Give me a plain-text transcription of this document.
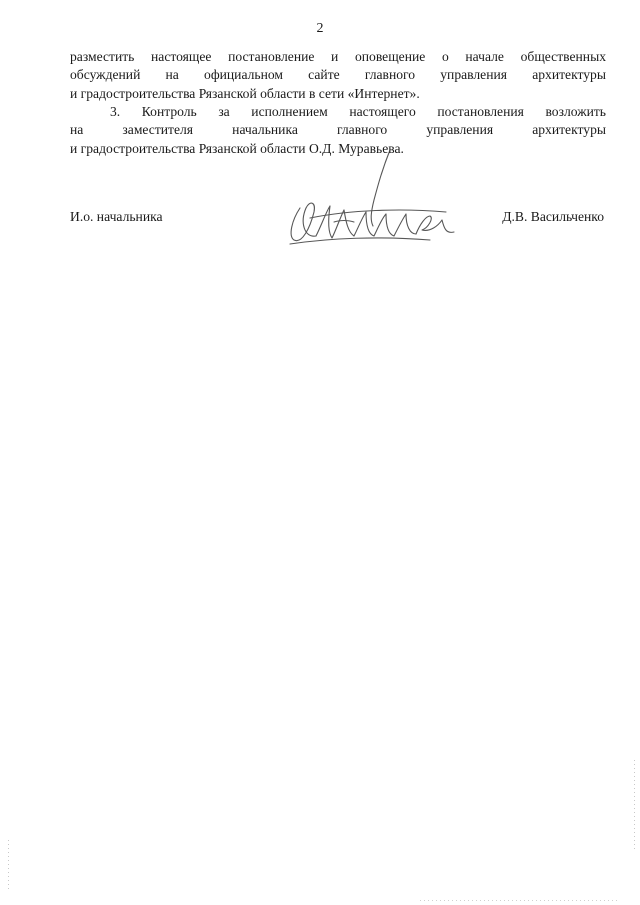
2
разместить настоящее постановление и оповещение о начале общественных
обсуждений на официальном сайте главного управления архитектуры
и градостроительства Рязанской области в сети «Интернет».
3. Контроль за исполнением настоящего постановления возложить
на заместителя начальника главного управления архитектуры
и градостроительства Рязанской области О.Д. Муравьева.
И.о. начальника	Д.В. Васильченко
